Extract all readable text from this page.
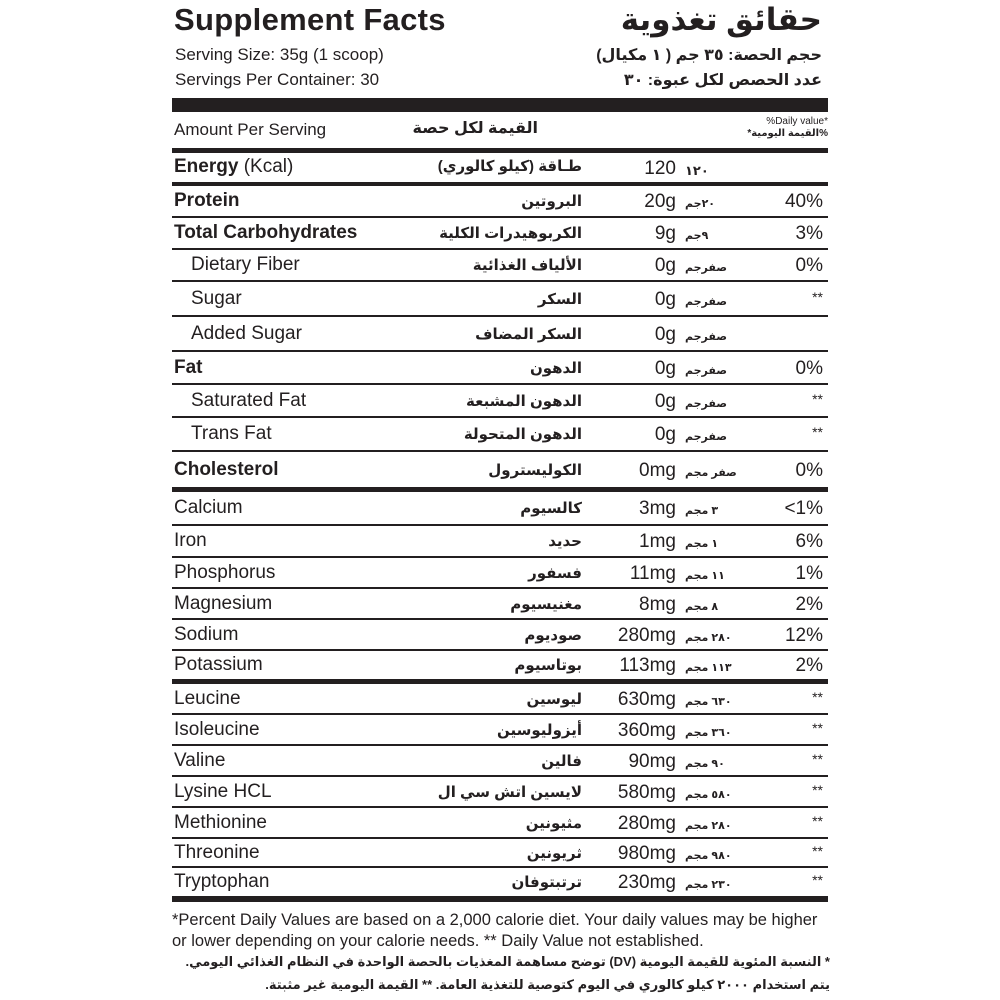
Supplement Facts	حقائق تغذوية
Serving Size: 35g (1 scoop)	حجم الحصة: ٣٥ جم ( ١ مكيال)
Servings Per Container: 30	عدد الحصص لكل عبوة: ٣٠
Amount Per Serving	القيمة لكل حصة	%Daily value*
%القيمة اليومية*
Energy (Kcal)	طـاقة (كيلو كالوري)	120 ١٢٠
Protein	البروتين	20g ٢٠جم	40%
Total Carbohydrates	الكربوهيدرات الكلية	9g ٩جم	3%
Dietary Fiber	الألياف الغذائية	0g صفرجم	0%
Sugar	السكر	0g صفرجم	**
Added Sugar	السكر المضاف	0g صفرجم
Fat	الدهون	0g صفرجم	0%
Saturated Fat	الدهون المشبعة	0g صفرجم	**
Trans Fat	الدهون المتحولة	0g صفرجم	**
Cholesterol	الكوليسترول	0mg صفر مجم	0%
Calcium	كالسيوم	3mg ٣ مجم	<1%
Iron	حديد	1mg ١ مجم	6%
Phosphorus	فسفور	11mg ١١ مجم	1%
Magnesium	مغنيسيوم	8mg ٨ مجم	2%
Sodium	صوديوم 280mg ٢٨٠ مجم	12%
Potassium	بوتاسيوم 113mg ١١٣ مجم	2%
Leucine	ليوسين 630mg ٦٣٠ مجم	**
Isoleucine	أيزوليوسين 360mg ٣٦٠ مجم	**
Valine	فالين 90mg ٩٠ مجم	**
Lysine HCL	لايسين اتش سي ال 580mg ٥٨٠ مجم	**
Methionine	مثيونين 280mg ٢٨٠ مجم	**
Threonine	ثريونين 980mg ٩٨٠ مجم	**
Tryptophan	ترتبتوفان 230mg ٢٣٠ مجم	**
*Percent Daily Values are based on a 2,000 calorie diet. Your daily values may be higher or lower depending on your calorie needs. ** Daily Value not established.
* النسبة المئوية للقيمة اليومية (DV) توضح مساهمة المغذيات بالحصة الواحدة في النظام الغذائي اليومي. يتم استخدام ٢٠٠٠ كيلو كالوري في اليوم كتوصية للتغذية العامة. ** القيمة اليومية غير مثبتة.
